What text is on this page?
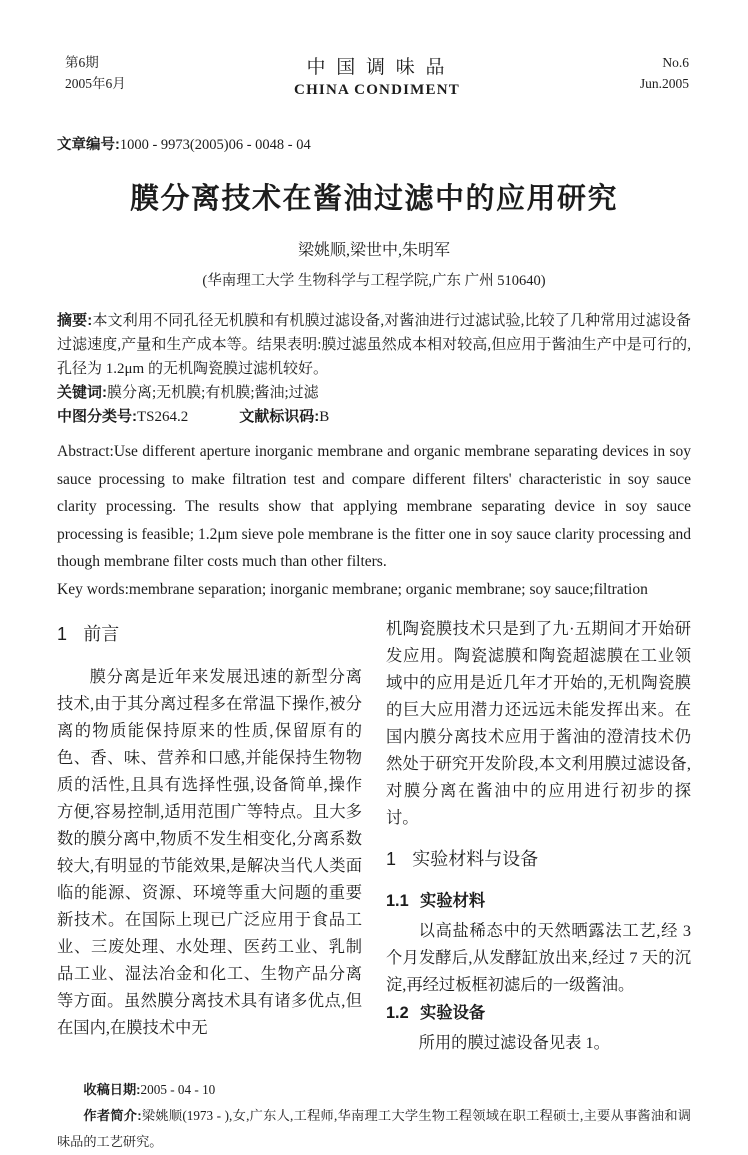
第6期
2005年6月
中 国 调 味 品
CHINA CONDIMENT
No.6
Jun.2005
文章编号:1000 - 9973(2005)06 - 0048 - 04
膜分离技术在酱油过滤中的应用研究
梁姚顺,梁世中,朱明军
(华南理工大学 生物科学与工程学院,广东 广州 510640)

摘要:本文利用不同孔径无机膜和有机膜过滤设备,对酱油进行过滤试验,比较了几种常用过滤设备过滤速度,产量和生产成本等。结果表明:膜过滤虽然成本相对较高,但应用于酱油生产中是可行的,孔径为 1.2μm 的无机陶瓷膜过滤机较好。

关键词:膜分离;无机膜;有机膜;酱油;过滤

中图分类号:TS264.2	文献标识码:B

Abstract:Use different aperture inorganic membrane and organic membrane separating devices in soy sauce processing to make filtration test and compare different filters' characteristic in soy sauce clarity processing. The results show that applying membrane separating device in soy sauce processing is feasible; 1.2μm sieve pole membrane is the fitter one in soy sauce clarity processing and though membrane filter costs much than other filters.

Key words:membrane separation; inorganic membrane; organic membrane; soy sauce;filtration

1 前言

膜分离是近年来发展迅速的新型分离技术,由于其分离过程多在常温下操作,被分离的物质能保持原来的性质,保留原有的色、香、味、营养和口感,并能保持生物物质的活性,且具有选择性强,设备简单,操作方便,容易控制,适用范围广等特点。且大多数的膜分离中,物质不发生相变化,分离系数较大,有明显的节能效果,是解决当代人类面临的能源、资源、环境等重大问题的重要新技术。在国际上现已广泛应用于食品工业、三废处理、水处理、医药工业、乳制品工业、湿法冶金和化工、生物产品分离等方面。虽然膜分离技术具有诸多优点,但在国内,在膜技术中无

机陶瓷膜技术只是到了九·五期间才开始研发应用。陶瓷滤膜和陶瓷超滤膜在工业领域中的应用是近几年才开始的,无机陶瓷膜的巨大应用潜力还远远未能发挥出来。在国内膜分离技术应用于酱油的澄清技术仍然处于研究开发阶段,本文利用膜过滤设备,对膜分离在酱油中的应用进行初步的探讨。

1 实验材料与设备
1.1 实验材料

以高盐稀态中的天然晒露法工艺,经 3 个月发酵后,从发酵缸放出来,经过 7 天的沉淀,再经过板框初滤后的一级酱油。

1.2 实验设备

所用的膜过滤设备见表 1。

收稿日期:2005 - 04 - 10

作者简介:梁姚顺(1973 - ),女,广东人,工程师,华南理工大学生物工程领域在职工程硕士,主要从事酱油和调味品的工艺研究。
